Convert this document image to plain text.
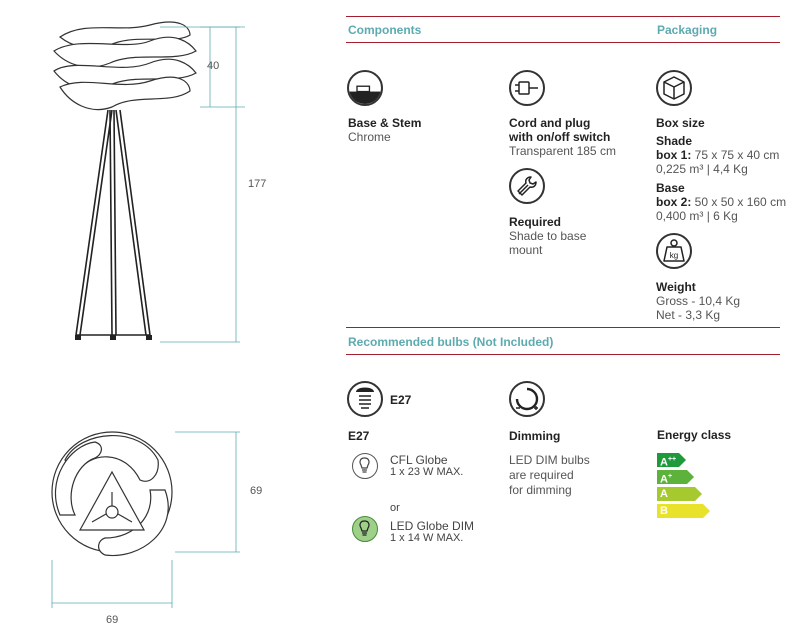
40
177
69
69
Components	Packaging
Base & Stem
Chrome
Cord and plug
with on/off switch
Transparent 185 cm
Required
Shade to base
mount
Box size
Shade
box 1: 75 x 75 x 40 cm
0,225 m³ | 4,4 Kg
Base
box 2: 50 x 50 x 160 cm
0,400 m³ | 6 Kg
kg
Weight
Gross - 10,4 Kg
Net - 3,3 Kg
Recommended bulbs (Not Included)
E27
E27
CFL Globe
1 x 23 W MAX.
or
LED Globe DIM
1 x 14 W MAX.
Dimming
LED DIM bulbs
are required
for dimming
Energy class
A++
A+
A
B
